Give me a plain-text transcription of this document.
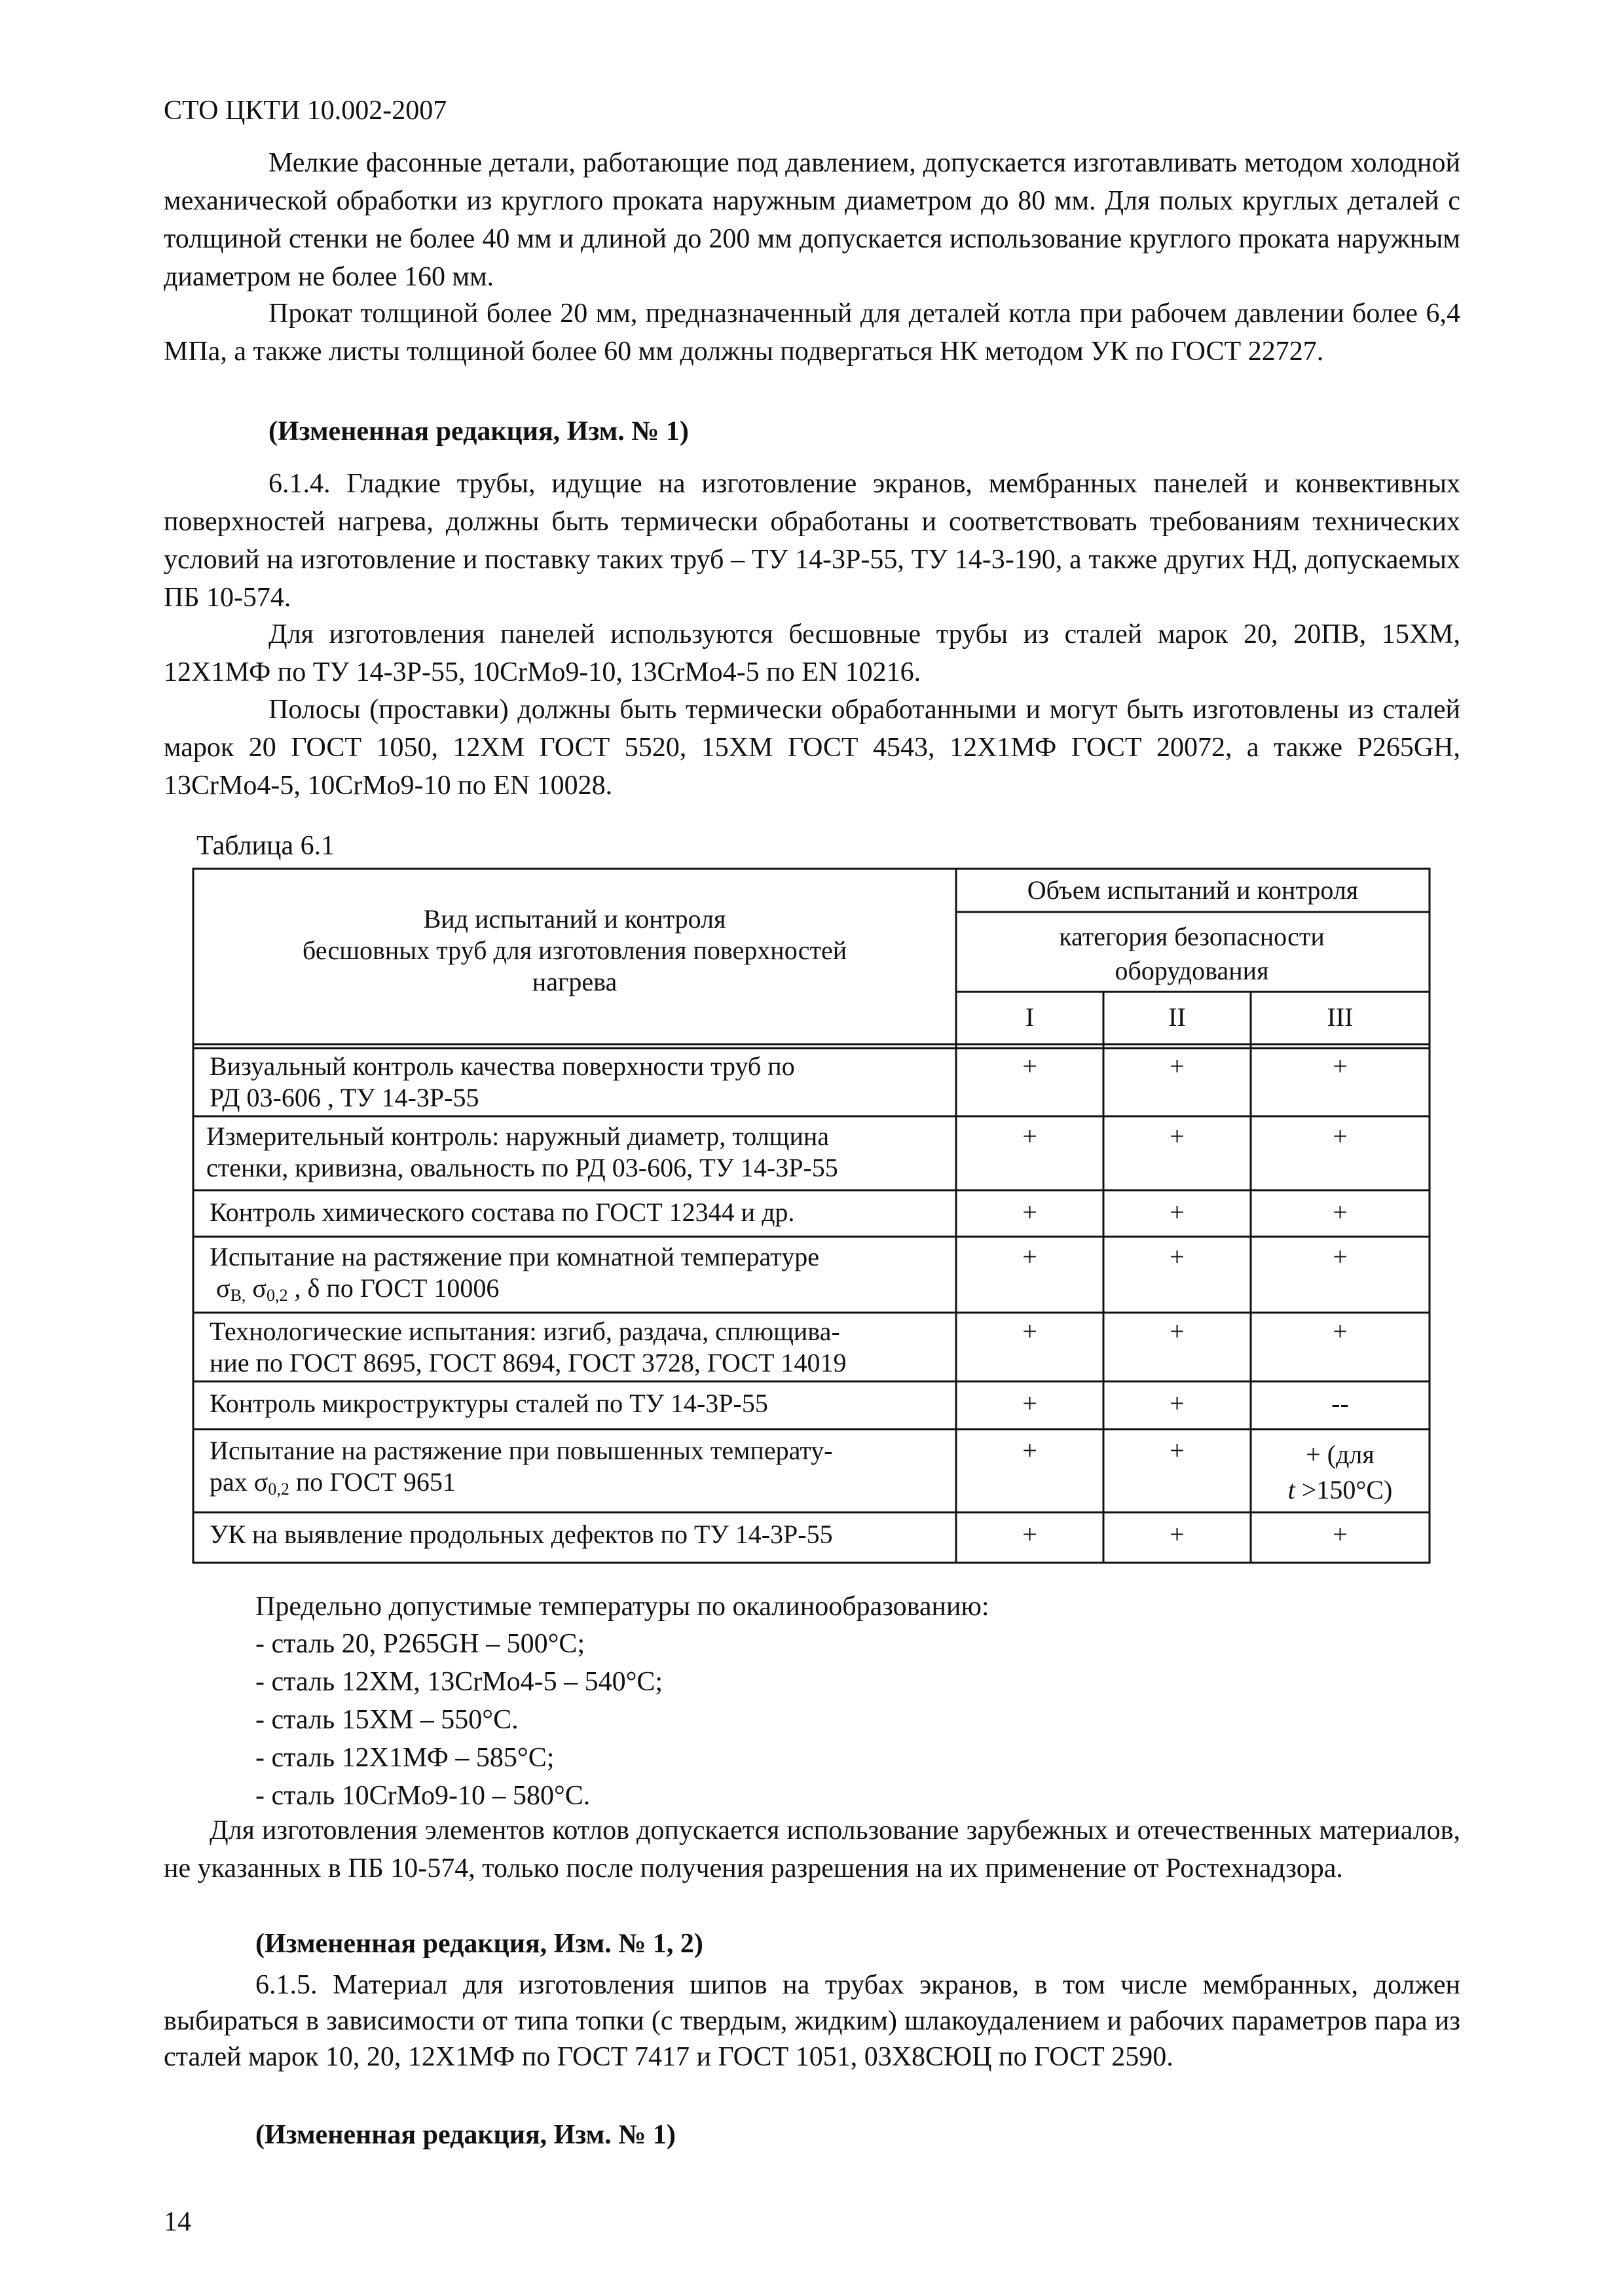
СТО ЦКТИ 10.002-2007

Мелкие фасонные детали, работающие под давлением, допускается изготавливать методом холодной механической обработки из круглого проката наружным диаметром до 80 мм. Для полых круглых деталей с толщиной стенки не более 40 мм и длиной до 200 мм допускается использование круглого проката наружным диаметром не более 160 мм.

Прокат толщиной более 20 мм, предназначенный для деталей котла при рабочем давлении более 6,4 МПа, а также листы толщиной более 60 мм должны подвергаться НК методом УК по ГОСТ 22727.

(Измененная редакция, Изм. № 1)

6.1.4. Гладкие трубы, идущие на изготовление экранов, мембранных панелей и конвективных поверхностей нагрева, должны быть термически обработаны и соответствовать требованиям технических условий на изготовление и поставку таких труб – ТУ 14-3Р-55, ТУ 14-3-190, а также других НД, допускаемых ПБ 10-574.

Для изготовления панелей используются бесшовные трубы из сталей марок 20, 20ПВ, 15ХМ, 12Х1МФ по ТУ 14-3Р-55, 10CrMo9-10, 13CrMo4-5 по EN 10216.

Полосы (проставки) должны быть термически обработанными и могут быть изготовлены из сталей марок 20 ГОСТ 1050, 12ХМ ГОСТ 5520, 15ХМ ГОСТ 4543, 12Х1МФ ГОСТ 20072, а также P265GH, 13CrMo4-5, 10CrMo9-10 по EN 10028.

Таблица 6.1
Вид испытаний и контроля
бесшовных труб для изготовления поверхностей
нагрева
Объем испытаний и контроля
категория безопасности оборудования
I	II	III
Визуальный контроль качества поверхности труб по
РД 03-606 , ТУ 14-3Р-55
+	+	+
Измерительный контроль: наружный диаметр, толщина
стенки, кривизна, овальность по РД 03-606, ТУ 14-3Р-55
+	+	+
Контроль химического состава по ГОСТ 12344 и др.	+	+	+
Испытание на растяжение при комнатной температуре
$\sigma_{В,}$ $\sigma_{0,2}$ , δ по ГОСТ 10006
+	+	+
Технологические испытания: изгиб, раздача, сплющива-
ние по ГОСТ 8695, ГОСТ 8694, ГОСТ 3728, ГОСТ 14019
+	+	+
Контроль микроструктуры сталей по ТУ 14-3Р-55	+	+	--
Испытание на растяжение при повышенных температу-
рах $\sigma_{0,2}$ по ГОСТ 9651
+	+	+ (для
t >150°С)
УК на выявление продольных дефектов по ТУ 14-3Р-55	+	+	+
Предельно допустимые температуры по окалинообразованию:
- сталь 20, P265GH – 500°С;
- сталь 12ХМ, 13CrMo4-5 – 540°С;
- сталь 15ХМ – 550°С.
- сталь 12Х1МФ – 585°С;
- сталь 10CrMo9-10 – 580°С.

Для изготовления элементов котлов допускается использование зарубежных и отечественных материалов, не указанных в ПБ 10-574, только после получения разрешения на их применение от Ростехнадзора.

(Измененная редакция, Изм. № 1, 2)

6.1.5. Материал для изготовления шипов на трубах экранов, в том числе мембранных, должен выбираться в зависимости от типа топки (с твердым, жидким) шлакоудалением и рабочих параметров пара из сталей марок 10, 20, 12Х1МФ по ГОСТ 7417 и ГОСТ 1051, 03Х8СЮЦ по ГОСТ 2590.

(Измененная редакция, Изм. № 1)
14
